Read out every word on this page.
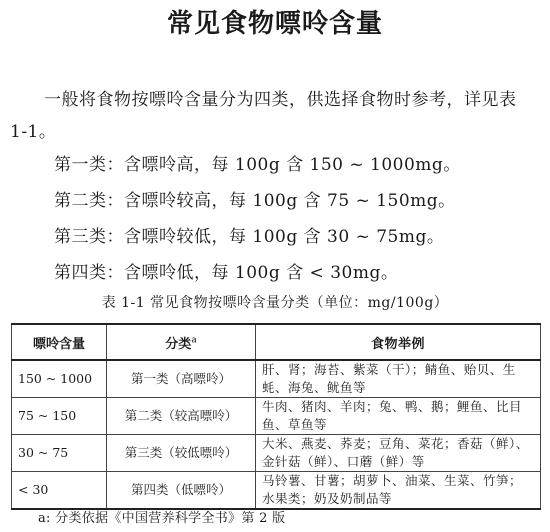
常见食物嘌呤含量
一般将食物按嘌呤含量分为四类，供选择食物时参考，详见表 1-1。
第一类：含嘌呤高，每 100g 含 150 ~ 1000mg。
第二类：含嘌呤较高，每 100g 含 75 ~ 150mg。
第三类：含嘌呤较低，每 100g 含 30 ~ 75mg。
第四类：含嘌呤低，每 100g 含 < 30mg。
表 1-1 常见食物按嘌呤含量分类（单位：mg/100g）
嘌呤含量	分类$^a$	食物举例
150 ~ 1000	第一类（高嘌呤）	肝、肾；海苔、紫菜（干）；鲭鱼、贻贝、生蚝、海兔、鱿鱼等
75 ~ 150	第二类（较高嘌呤）	牛肉、猪肉、羊肉；兔、鸭、鹅；鲤鱼、比目鱼、草鱼等
30 ~ 75	第三类（较低嘌呤）	大米、燕麦、荞麦；豆角、菜花；香菇（鲜）、金针菇（鲜）、口蘑（鲜）等
< 30	第四类（低嘌呤）	马铃薯、甘薯；胡萝卜、油菜、生菜、竹笋；水果类；奶及奶制品等
a: 分类依据《中国营养科学全书》第 2 版
